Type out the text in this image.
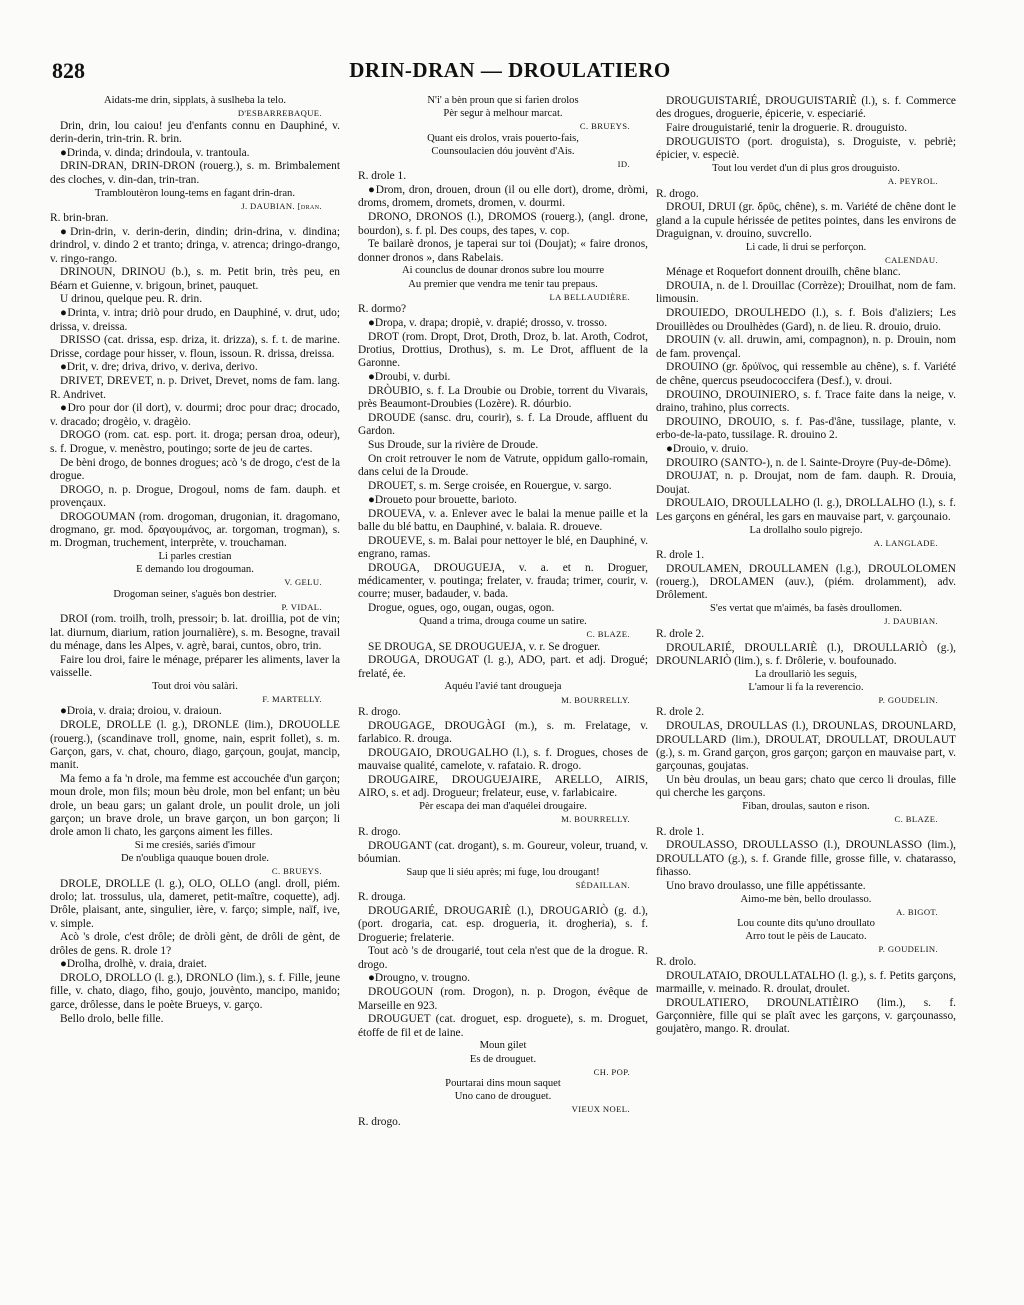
828	DRIN-DRAN — DROULATIERO

Aidats-me drin, sipplats, à suslheba la telo.

D'ESBARREBAQUE.

Drin, drin, lou caiou! jeu d'enfants connu en Dauphiné, v. derin-derin, trin-trin. R. brin.

●Drinda, v. dinda; drindoula, v. trantoula.

DRIN-DRAN, DRIN-DRON (rouerg.), s. m. Brimbalement des cloches, v. din-dan, trin-tran.

Trambloutèron loung-tems en fagant drin-dran.

J. DAUBIAN. [dran.

R. brin-bran.

●Drin-drin, v. derin-derin, dindin; drin-drina, v. dindina; drindrol, v. dindo 2 et tranto; dringa, v. atrenca; dringo-drango, v. ringo-rango.

DRINOUN, DRINOU (b.), s. m. Petit brin, très peu, en Béarn et Guienne, v. brigoun, brinet, pauquet.

U drinou, quelque peu. R. drin.

●Drinta, v. intra; driò pour drudo, en Dauphiné, v. drut, udo; drissa, v. dreissa.

DRISSO (cat. drissa, esp. driza, it. drizza), s. f. t. de marine. Drisse, cordage pour hisser, v. floun, issoun. R. drissa, dreissa.

●Drit, v. dre; driva, drivo, v. deriva, derivo.

DRIVET, DREVET, n. p. Drivet, Drevet, noms de fam. lang. R. Andrivet.

●Dro pour dor (il dort), v. dourmi; droc pour drac; drocado, v. dracado; drogèio, v. dragèio.

DROGO (rom. cat. esp. port. it. droga; persan droa, odeur), s. f. Drogue, v. menèstro, poutingo; sorte de jeu de cartes.

De bèni drogo, de bonnes drogues; acò 's de drogo, c'est de la drogue.

DROGO, n. p. Drogue, Drogoul, noms de fam. dauph. et provençaux.

DROGOUMAN (rom. drogoman, drugonian, it. dragomano, drogmano, gr. mod. δραγουμάνος, ar. torgoman, trogman), s. m. Drogman, truchement, interprète, v. trouchaman.

Li parles crestian

E demando lou drogouman.

V. GELU.

Drogoman seiner, s'aguès bon destrier.

P. VIDAL.

DROI (rom. troilh, trolh, pressoir; b. lat. droillia, pot de vin; lat. diurnum, diarium, ration journalière), s. m. Besogne, travail du ménage, dans les Alpes, v. agrè, barai, cuntos, obro, trin.

Faire lou droi, faire le ménage, préparer les aliments, laver la vaisselle.

Tout droi vòu salàri.

F. MARTELLY.

●Droia, v. draia; droiou, v. draioun.

DROLE, DROLLE (l. g.), DRONLE (lim.), DROUOLLE (rouerg.), (scandinave troll, gnome, nain, esprit follet), s. m. Garçon, gars, v. chat, chouro, diago, garçoun, goujat, mancip, manit.

Ma femo a fa 'n drole, ma femme est accouchée d'un garçon; moun drole, mon fils; moun bèu drole, mon bel enfant; un bèu drole, un beau gars; un galant drole, un poulit drole, un joli garçon; un brave drole, un brave garçon, un bon garçon; li drole amon li chato, les garçons aiment les filles.

Si me cresiés, sariés d'imour

De n'oubliga quauque bouen drole.

C. BRUEYS.

DROLE, DROLLE (l. g.), OLO, OLLO (angl. droll, piém. drolo; lat. trossulus, ula, dameret, petit-maître, coquette), adj. Drôle, plaisant, ante, singulier, ière, v. farço; simple, naïf, ive, v. simple.

Acò 's drole, c'est drôle; de dròli gènt, de drôli de gènt, de drôles de gens. R. drole 1?

●Drolha, drolhè, v. draia, draiet.

DROLO, DROLLO (l. g.), DRONLO (lim.), s. f. Fille, jeune fille, v. chato, diago, fiho, goujo, jouvènto, mancipo, manido; garce, drôlesse, dans le poète Brueys, v. garço.

Bello drolo, belle fille.

N'i' a bèn proun que si farien drolos

Pèr segur à melhour marcat.

C. BRUEYS.

Quant eis drolos, vrais pouerto-fais,

Counsoulacien dóu jouvènt d'Ais.

ID.

R. drole 1.

●Drom, dron, drouen, droun (il ou elle dort), drome, dròmi, droms, dromem, dromets, dromen, v. dourmi.

DRONO, DRONOS (l.), DROMOS (rouerg.), (angl. drone, bourdon), s. f. pl. Des coups, des tapes, v. cop.

Te bailarè dronos, je taperai sur toi (Doujat); « faire dronos, donner dronos », dans Rabelais.

Ai counclus de dounar dronos subre lou mourre

Au premier que vendra me tenir tau prepaus.

LA BELLAUDIÈRE.

R. dormo?

●Dropa, v. drapa; dropiè, v. drapié; drosso, v. trosso.

DROT (rom. Dropt, Drot, Droth, Droz, b. lat. Aroth, Codrot, Drotius, Drottius, Drothus), s. m. Le Drot, affluent de la Garonne.

●Droubi, v. durbi.

DRÒUBIO, s. f. La Droubie ou Drobie, torrent du Vivarais, près Beaumont-Droubies (Lozère). R. dóurbio.

DROUDE (sansc. dru, courir), s. f. La Droude, affluent du Gardon.

Sus Droude, sur la rivière de Droude.

On croit retrouver le nom de Vatrute, oppidum gallo-romain, dans celui de la Droude.

DROUET, s. m. Serge croisée, en Rouergue, v. sargo.

●Droueto pour brouette, barioto.

DROUEVA, v. a. Enlever avec le balai la menue paille et la balle du blé battu, en Dauphiné, v. balaia. R. droueve.

DROUEVE, s. m. Balai pour nettoyer le blé, en Dauphiné, v. engrano, ramas.

DROUGA, DROUGUEJA, v. a. et n. Droguer, médicamenter, v. poutinga; frelater, v. frauda; trimer, courir, v. courre; muser, badauder, v. bada.

Drogue, ogues, ogo, ougan, ougas, ogon.

Quand a trima, drouga coume un satire.

C. BLAZE.

SE DROUGA, SE DROUGUEJA, v. r. Se droguer.

DROUGA, DROUGAT (l. g.), ADO, part. et adj. Drogué; frelaté, ée.

Aquéu l'avié tant drougueja

M. BOURRELLY.

R. drogo.

DROUGAGE, DROUGÀGI (m.), s. m. Frelatage, v. farlabico. R. drouga.

DROUGAIO, DROUGALHO (l.), s. f. Drogues, choses de mauvaise qualité, camelote, v. rafataio. R. drogo.

DROUGAIRE, DROUGUEJAIRE, ARELLO, AIRIS, AIRO, s. et adj. Drogueur; frelateur, euse, v. farlabicaire.

Pèr escapa dei man d'aquélei drougaire.

M. BOURRELLY.

R. drogo.

DROUGANT (cat. drogant), s. m. Goureur, voleur, truand, v. bóumian.

Saup que li siéu après; mi fuge, lou drougant!

SÉDAILLAN.

R. drouga.

DROUGARIÉ, DROUGARIÈ (l.), DROUGARIÒ (g. d.), (port. drogaria, cat. esp. drogueria, it. drogheria), s. f. Droguerie; frelaterie.

Tout acò 's de drougarié, tout cela n'est que de la drogue. R. drogo.

●Drougno, v. trougno.

DROUGOUN (rom. Drogon), n. p. Drogon, évêque de Marseille en 923.

DROUGUET (cat. droguet, esp. droguete), s. m. Droguet, étoffe de fil et de laine.

Moun gilet

Es de drouguet.

CH. POP.

Pourtarai dins moun saquet

Uno cano de drouguet.

VIEUX NOEL.

R. drogo.

DROUGUISTARIÉ, DROUGUISTARIÈ (l.), s. f. Commerce des drogues, droguerie, épicerie, v. especiarié.

Faire drouguistarié, tenir la droguerie. R. drouguisto.

DROUGUISTO (port. droguista), s. Droguiste, v. pebriè; épicier, v. especiè.

Tout lou verdet d'un di plus gros drouguisto.

A. PEYROL.

R. drogo.

DROUI, DRUI (gr. δρῦς, chêne), s. m. Variété de chêne dont le gland a la cupule hérissée de petites pointes, dans les environs de Draguignan, v. drouino, suvcrello.

Li cade, li drui se perforçon.

CALENDAU.

Ménage et Roquefort donnent drouilh, chêne blanc.

DROUIA, n. de l. Drouillac (Corrèze); Drouilhat, nom de fam. limousin.

DROUIEDO, DROULHEDO (l.), s. f. Bois d'aliziers; Les Drouillèdes ou Droulhèdes (Gard), n. de lieu. R. drouio, druio.

DROUIN (v. all. druwin, ami, compagnon), n. p. Drouin, nom de fam. provençal.

DROUINO (gr. δρύϊνος, qui ressemble au chêne), s. f. Variété de chêne, quercus pseudococcifera (Desf.), v. droui.

DROUINO, DROUINIERO, s. f. Trace faite dans la neige, v. draino, trahino, plus corrects.

DROUINO, DROUIO, s. f. Pas-d'âne, tussilage, plante, v. erbo-de-la-pato, tussilage. R. drouino 2.

●Drouio, v. druio.

DROUIRO (SANTO-), n. de l. Sainte-Droyre (Puy-de-Dôme).

DROUJAT, n. p. Droujat, nom de fam. dauph. R. Drouia, Doujat.

DROULAIO, DROULLALHO (l. g.), DROLLALHO (l.), s. f. Les garçons en général, les gars en mauvaise part, v. garçounaio.

La drollalho soulo pigrejo.

A. LANGLADE.

R. drole 1.

DROULAMEN, DROULLAMEN (l.g.), DROULOLOMEN (rouerg.), DROLAMEN (auv.), (piém. drolamment), adv. Drôlement.

S'es vertat que m'aimés, ba fasès droullomen.

J. DAUBIAN.

R. drole 2.

DROULARIÉ, DROULLARIÈ (l.), DROULLARIÒ (g.), DROUNLARIÒ (lim.), s. f. Drôlerie, v. boufounado.

La droullariò les seguis,

L'amour li fa la reverencio.

P. GOUDELIN.

R. drole 2.

DROULAS, DROULLAS (l.), DROUNLAS, DROUNLARD, DROULLARD (lim.), DROULAT, DROULLAT, DROULAUT (g.), s. m. Grand garçon, gros garçon; garçon en mauvaise part, v. garçounas, goujatas.

Un bèu droulas, un beau gars; chato que cerco li droulas, fille qui cherche les garçons.

Fiban, droulas, sauton e rison.

C. BLAZE.

R. drole 1.

DROULASSO, DROULLASSO (l.), DROUNLASSO (lim.), DROULLATO (g.), s. f. Grande fille, grosse fille, v. chatarasso, fihasso.

Uno bravo droulasso, une fille appétissante.

Aimo-me bèn, bello droulasso.

A. BIGOT.

Lou counte dits qu'uno droullato

Arro tout le pèis de Laucato.

P. GOUDELIN.

R. drolo.

DROULATAIO, DROULLATALHO (l. g.), s. f. Petits garçons, marmaille, v. meinado. R. droulat, droulet.

DROULATIERO, DROUNLATIÈIRO (lim.), s. f. Garçonnière, fille qui se plaît avec les garçons, v. garçounasso, goujatèro, mango. R. droulat.
